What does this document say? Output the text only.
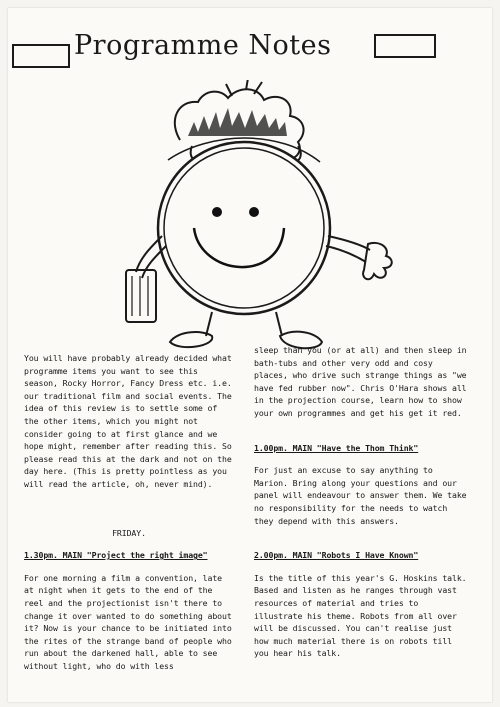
Programme Notes

You will have probably already decided what programme items you want to see this season, Rocky Horror, Fancy Dress etc. i.e. our traditional film and social events. The idea of this review is to settle some of the other items, which you might not consider going to at first glance and we hope might, remember after reading this. So please read this at the dark and not on the day here. (This is pretty pointless as you will read the article, oh, never mind).

FRIDAY.

1.30pm. MAIN "Project the right image"

For one morning a film a convention, late at night when it gets to the end of the reel and the projectionist isn't there to change it over wanted to do something about it? Now is your chance to be initiated into the rites of the strange band of people who run about the darkened hall, able to see without light, who do with less

sleep than you (or at all) and then sleep in bath-tubs and other very odd and cosy places, who drive such strange things as "we have fed rubber now". Chris O'Hara shows all in the projection course, learn how to show your own programmes and get his get it red.

1.00pm. MAIN "Have the Thom Think"

For just an excuse to say anything to Marion. Bring along your questions and our panel will endeavour to answer them. We take no responsibility for the needs to watch they depend with this answers.

2.00pm. MAIN "Robots I Have Known"

Is the title of this year's G. Hoskins talk. Based and listen as he ranges through vast resources of material and tries to illustrate his theme. Robots from all over will be discussed. You can't realise just how much material there is on robots till you hear his talk.
